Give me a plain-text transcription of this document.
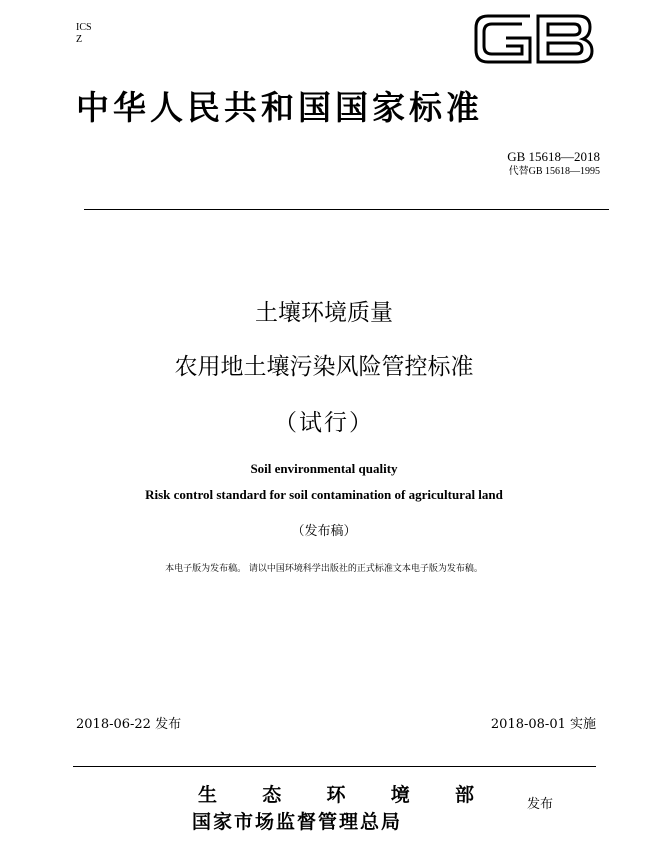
ICS
Z
GB
中华人民共和国国家标准
GB 15618—2018
代替GB 15618—1995
土壤环境质量
农用地土壤污染风险管控标准
（试行）
Soil environmental quality
Risk control standard for soil contamination of agricultural land
（发布稿）
本电子版为发布稿。 请以中国环境科学出版社的正式标准文本电子版为发布稿。
2018-06-22 发布	2018-08-01 实施
生 态 环 境 部
国家市场监督管理总局
发布
